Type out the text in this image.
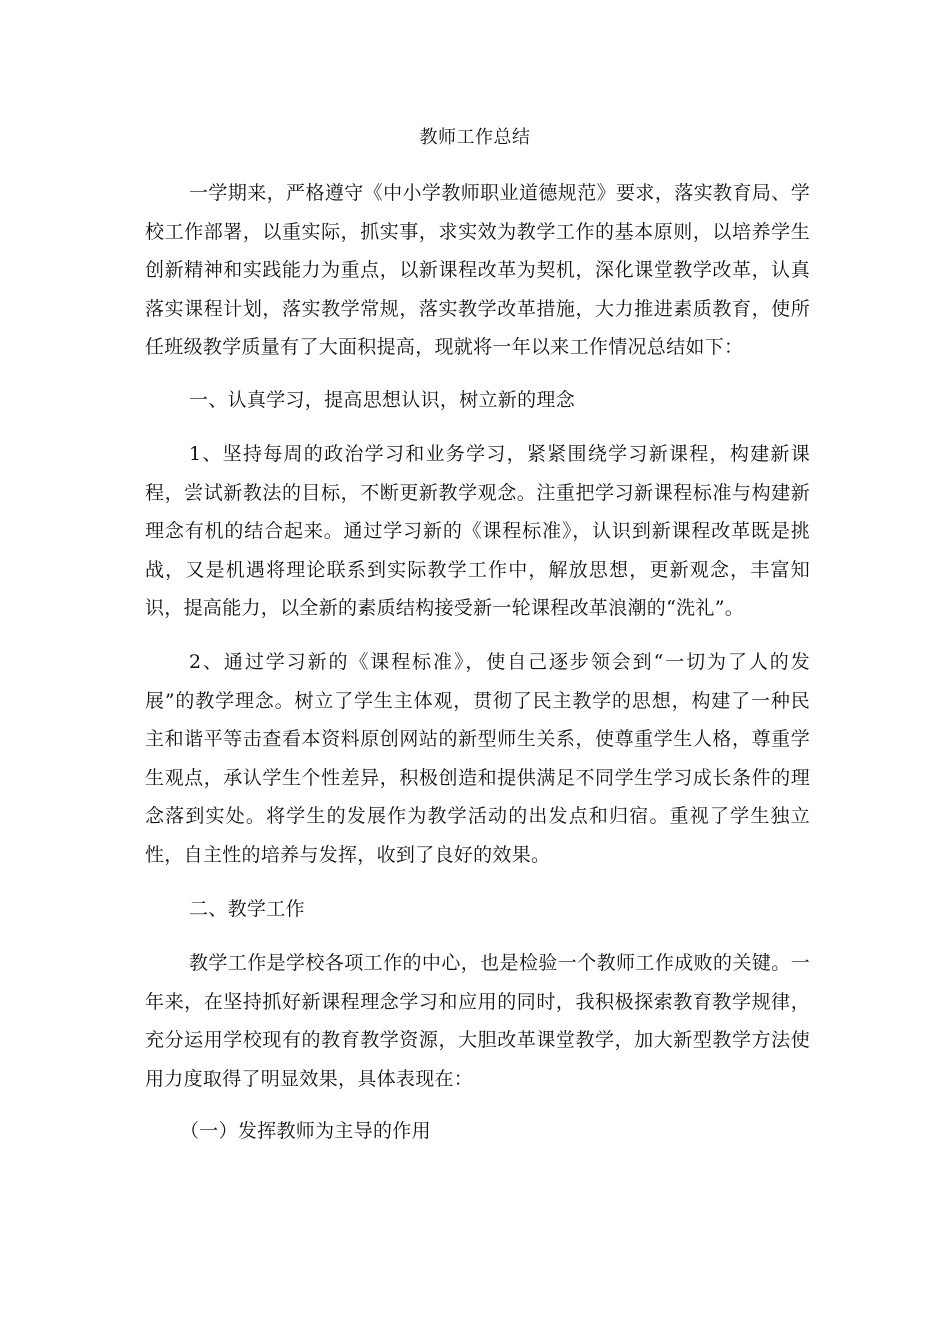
教师工作总结

一学期来，严格遵守《中小学教师职业道德规范》要求，落实教育局、学校工作部署，以重实际，抓实事，求实效为教学工作的基本原则，以培养学生创新精神和实践能力为重点，以新课程改革为契机，深化课堂教学改革，认真落实课程计划，落实教学常规，落实教学改革措施，大力推进素质教育，使所任班级教学质量有了大面积提高，现就将一年以来工作情况总结如下：

一、认真学习，提高思想认识，树立新的理念

1、坚持每周的政治学习和业务学习，紧紧围绕学习新课程，构建新课程，尝试新教法的目标，不断更新教学观念。注重把学习新课程标准与构建新理念有机的结合起来。通过学习新的《课程标准》，认识到新课程改革既是挑战，又是机遇将理论联系到实际教学工作中，解放思想，更新观念，丰富知识，提高能力，以全新的素质结构接受新一轮课程改革浪潮的“洗礼”。

2、通过学习新的《课程标准》，使自己逐步领会到“一切为了人的发展”的教学理念。树立了学生主体观，贯彻了民主教学的思想，构建了一种民主和谐平等击查看本资料原创网站的新型师生关系，使尊重学生人格，尊重学生观点，承认学生个性差异，积极创造和提供满足不同学生学习成长条件的理念落到实处。将学生的发展作为教学活动的出发点和归宿。重视了学生独立性，自主性的培养与发挥，收到了良好的效果。

二、教学工作

教学工作是学校各项工作的中心，也是检验一个教师工作成败的关键。一年来，在坚持抓好新课程理念学习和应用的同时，我积极探索教育教学规律，充分运用学校现有的教育教学资源，大胆改革课堂教学，加大新型教学方法使用力度取得了明显效果，具体表现在：

（一）发挥教师为主导的作用
